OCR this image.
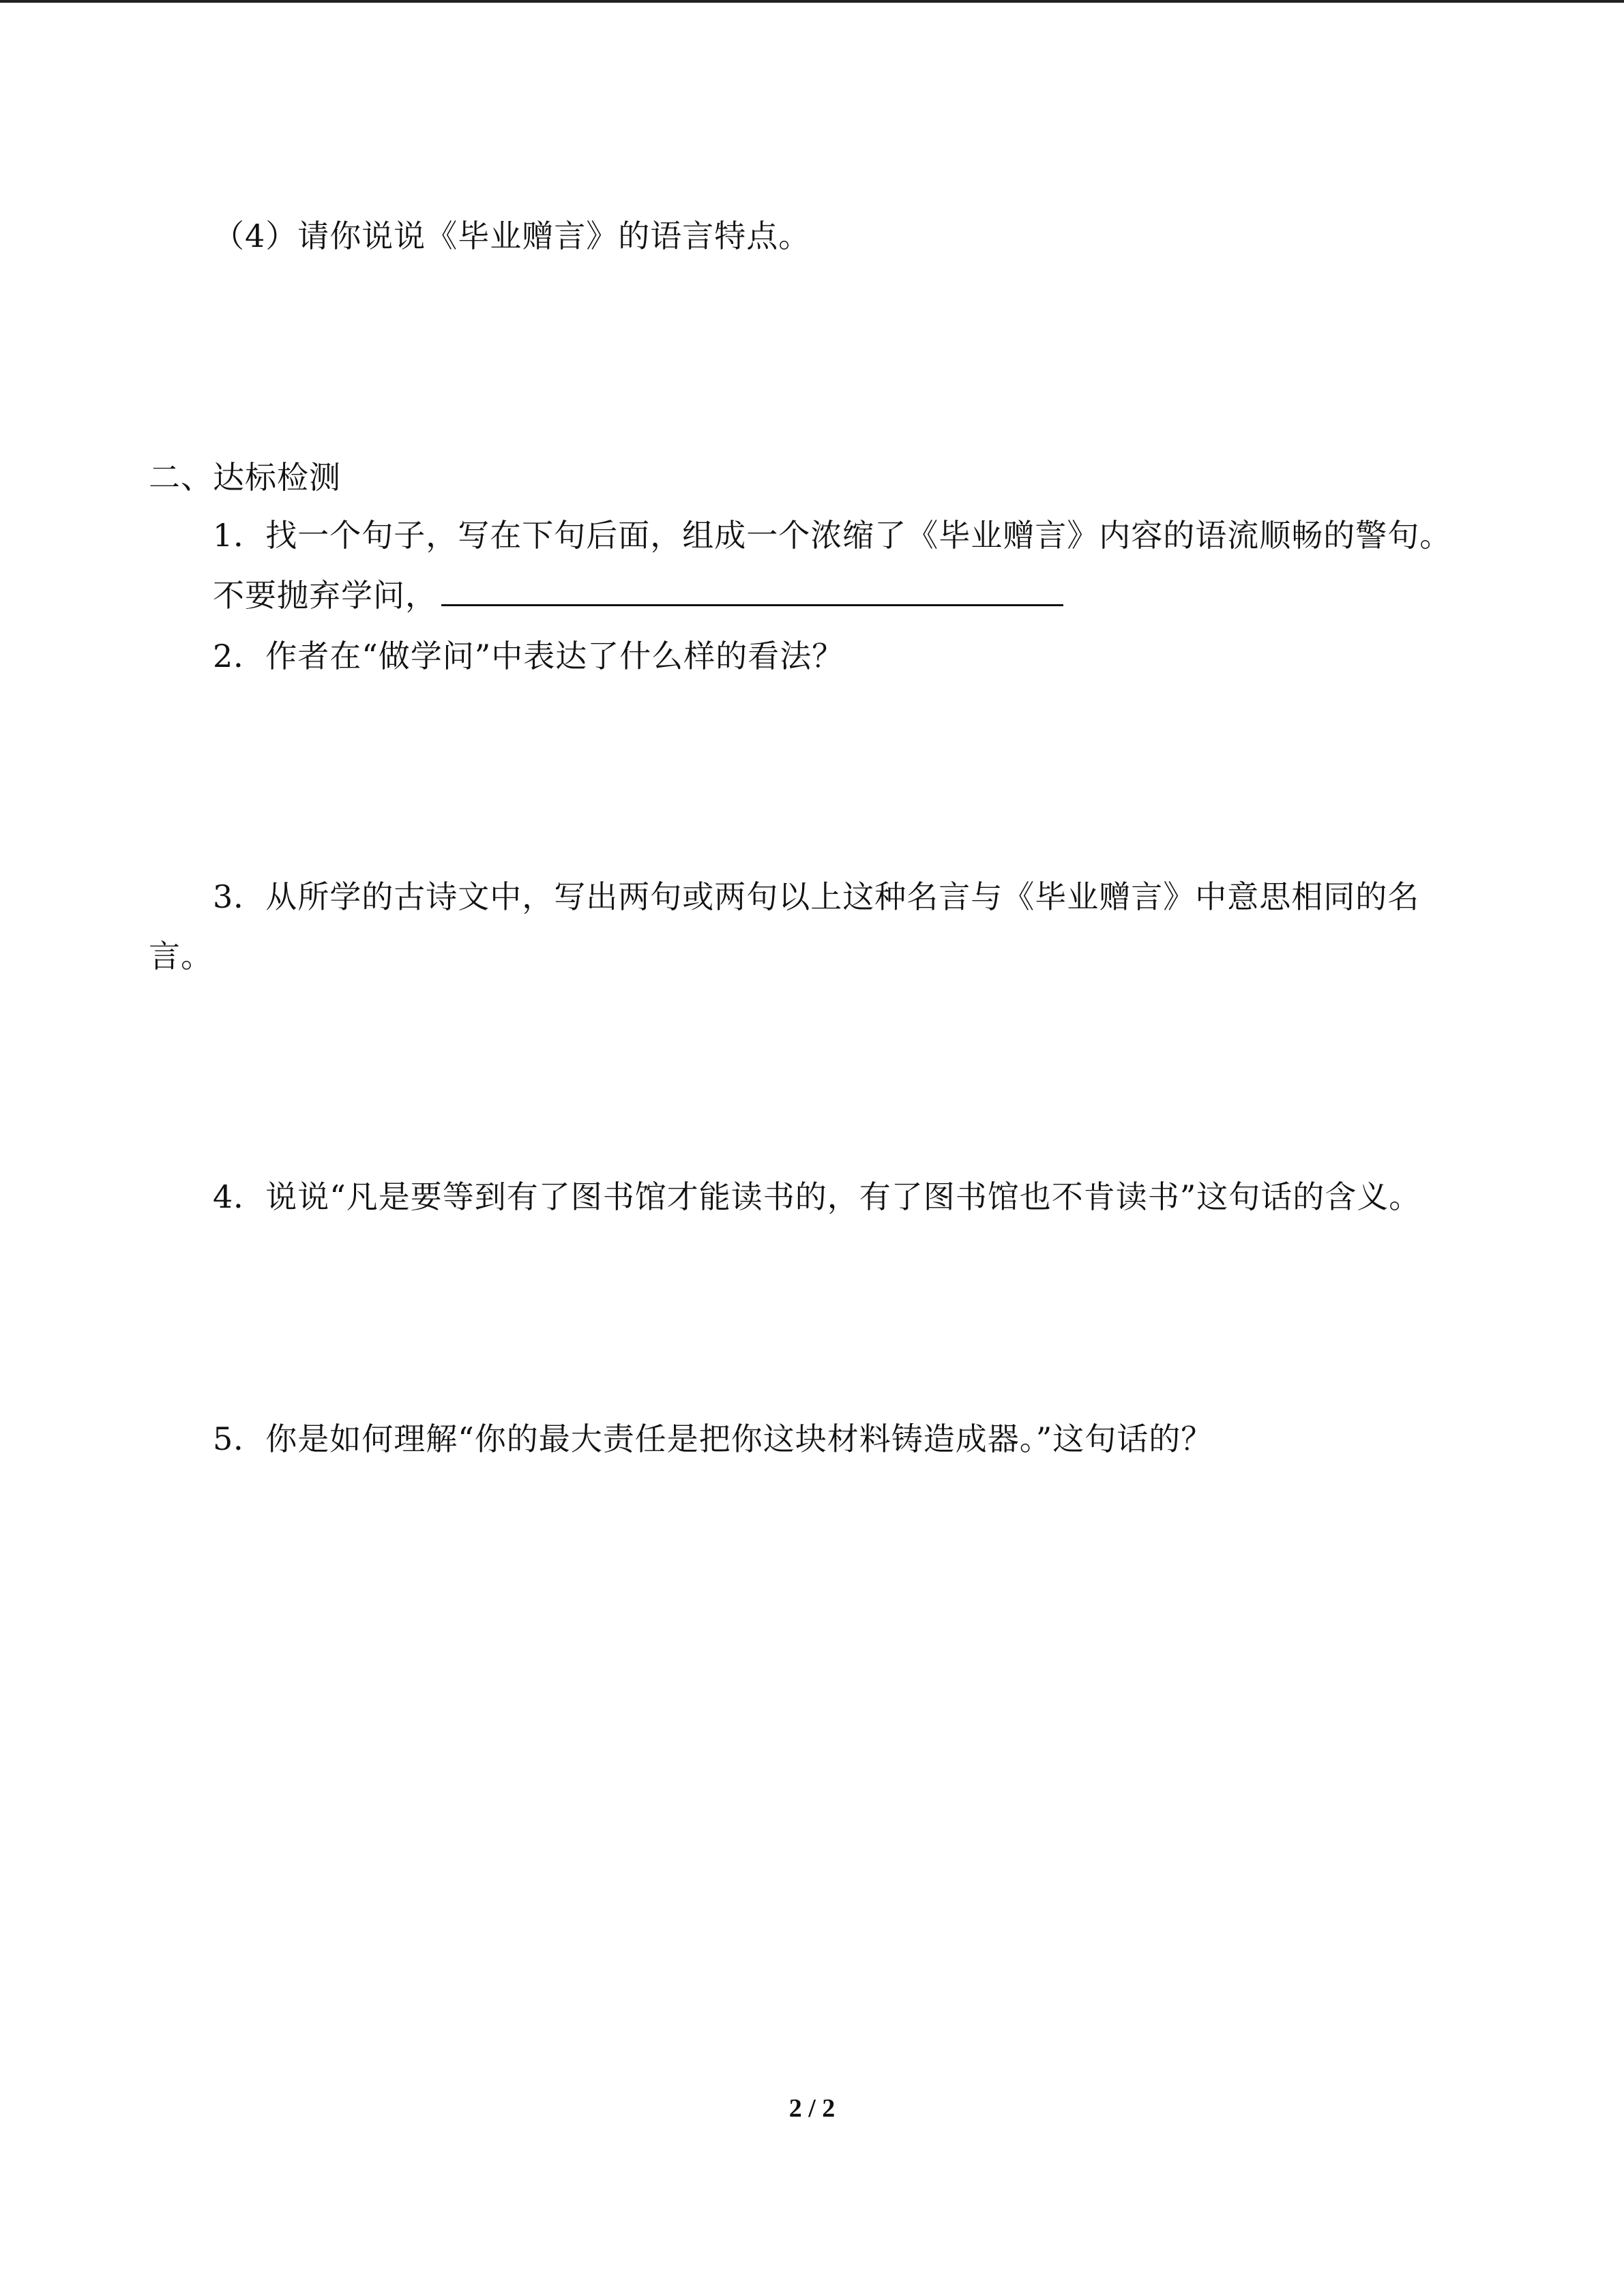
（4）请你说说《毕业赠言》的语言特点。
二、达标检测
1．找一个句子，写在下句后面，组成一个浓缩了《毕业赠言》内容的语流顺畅的警句。
不要抛弃学问，
2．作者在“做学问”中表达了什么样的看法？
3．从所学的古诗文中，写出两句或两句以上这种名言与《毕业赠言》中意思相同的名
言。
4．说说“凡是要等到有了图书馆才能读书的，有了图书馆也不肯读书”这句话的含义。
5．你是如何理解“你的最大责任是把你这块材料铸造成器。”这句话的？
2 / 2
